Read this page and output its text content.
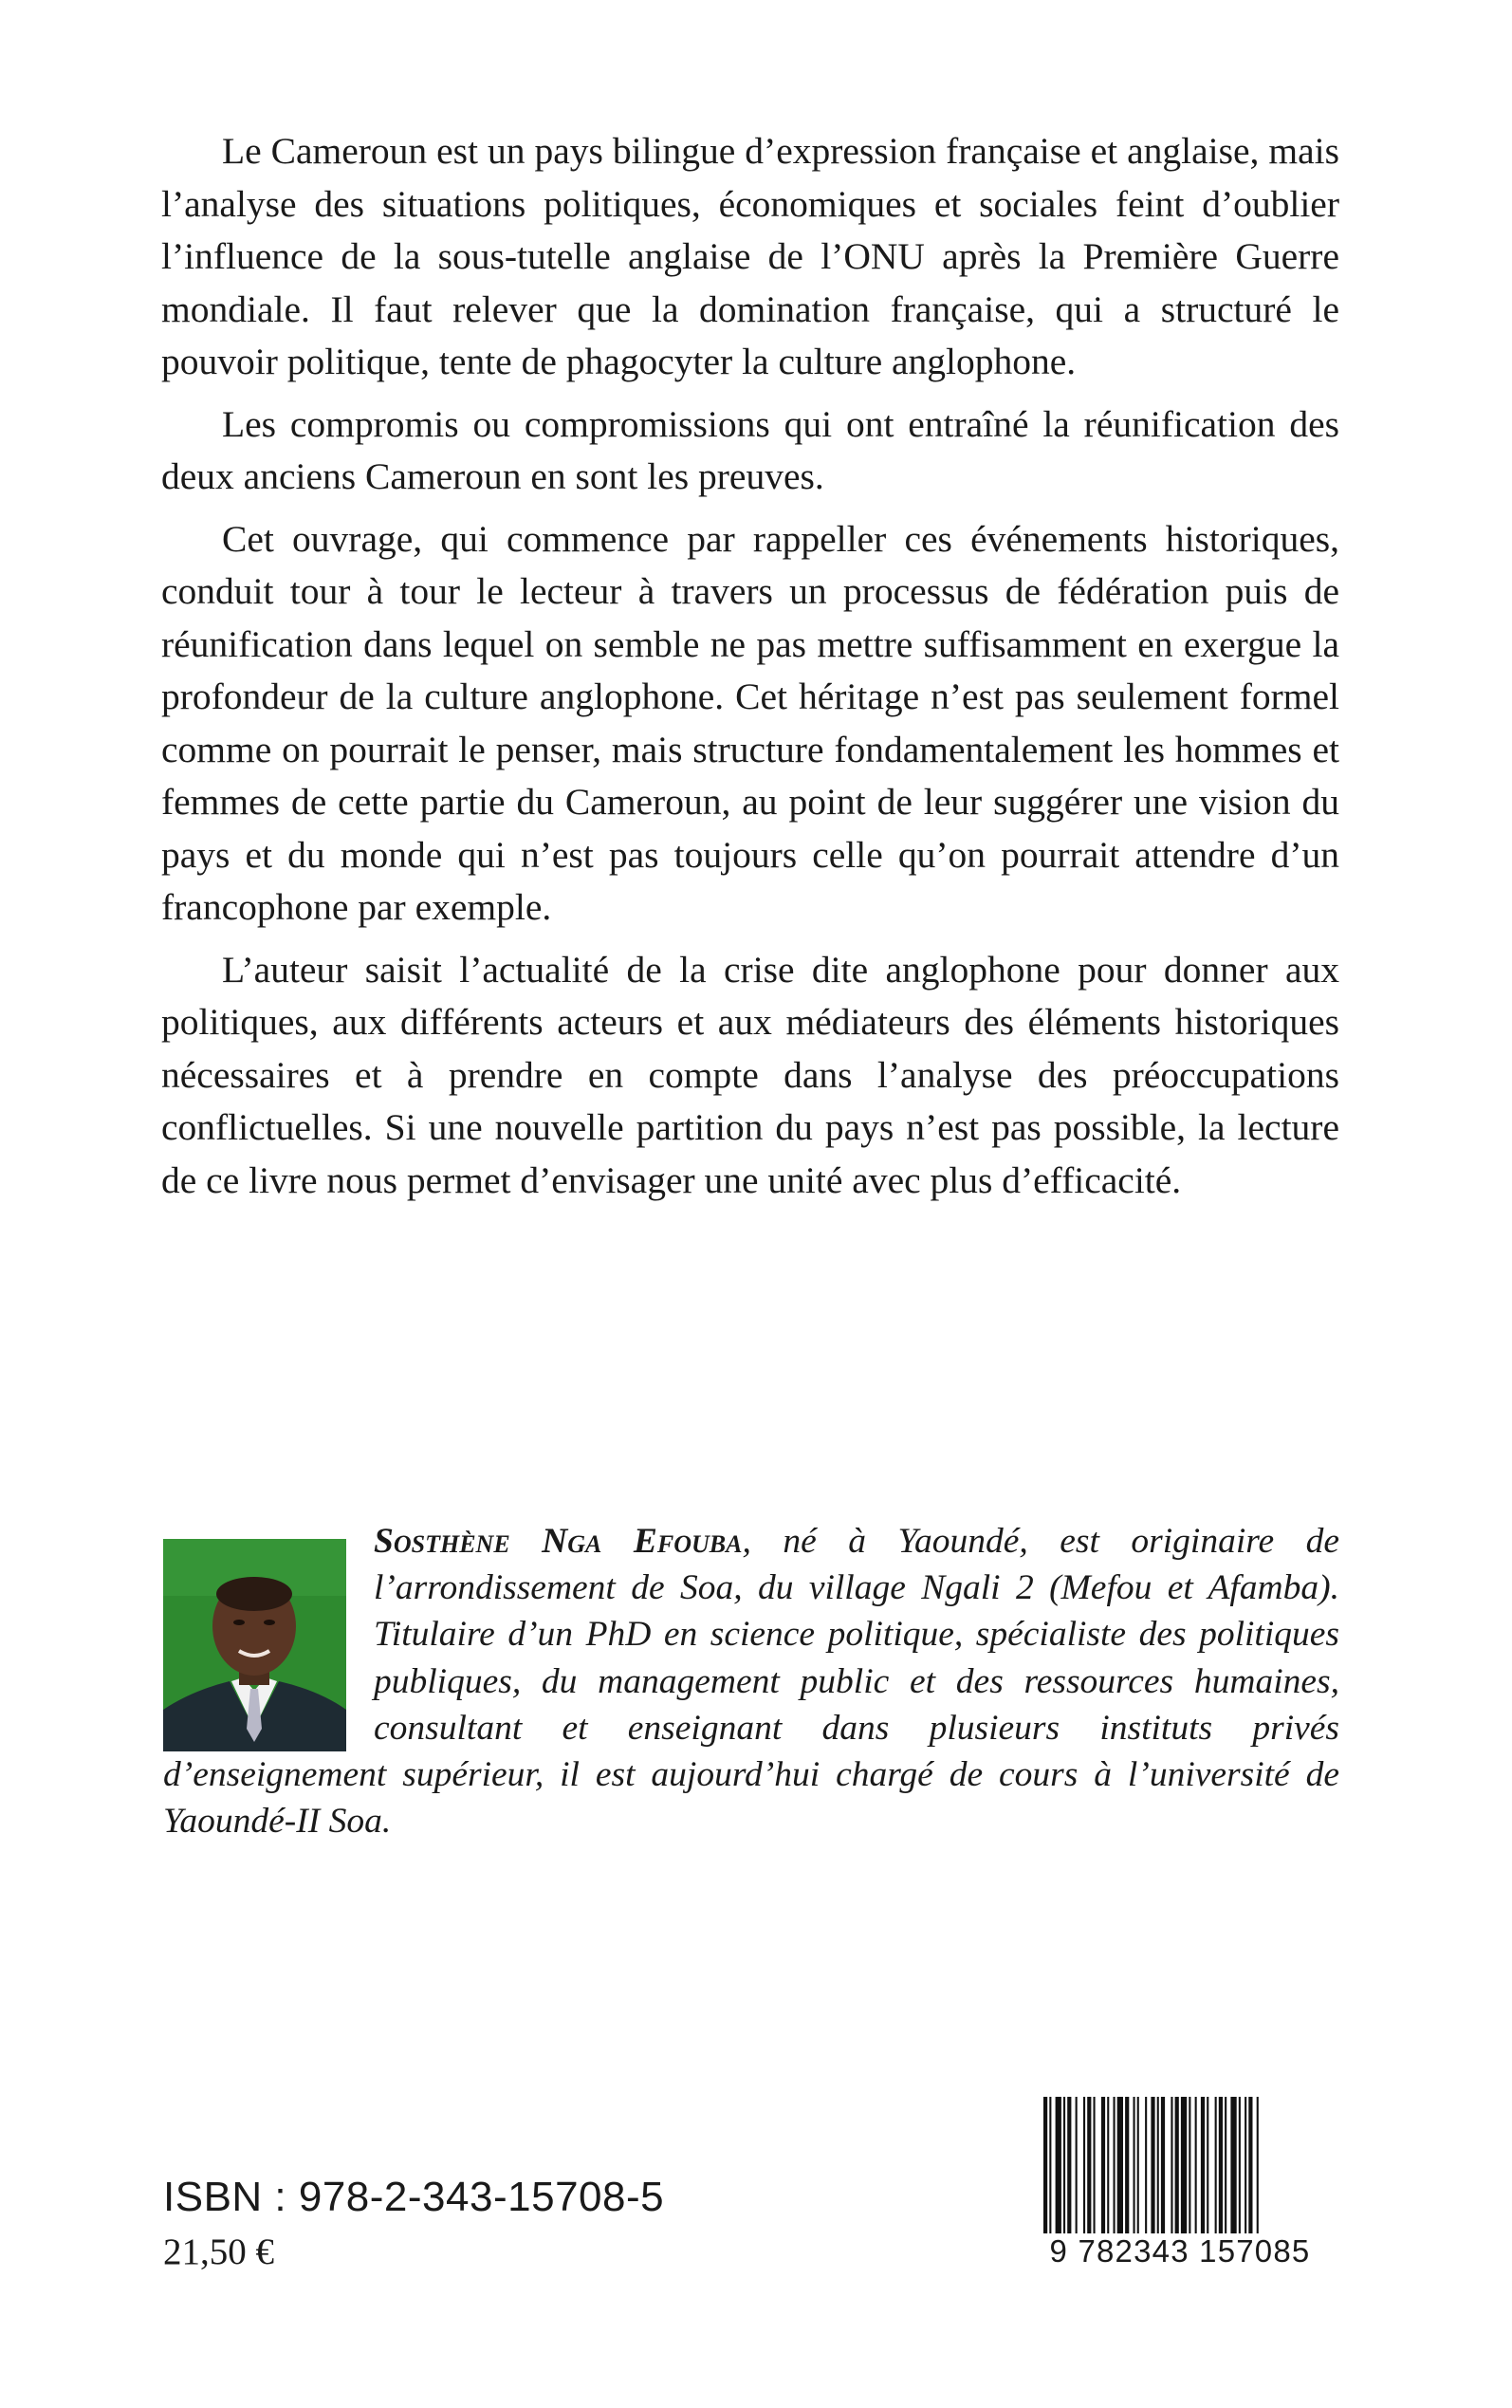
Le Cameroun est un pays bilingue d’expression française et anglaise, mais l’analyse des situations politiques, économiques et sociales feint d’oublier l’influence de la sous-tutelle anglaise de l’ONU après la Première Guerre mondiale. Il faut relever que la domination française, qui a structuré le pouvoir politique, tente de phagocyter la culture anglophone.

Les compromis ou compromissions qui ont entraîné la réunification des deux anciens Cameroun en sont les preuves.

Cet ouvrage, qui commence par rappeller ces événements historiques, conduit tour à tour le lecteur à travers un processus de fédération puis de réunification dans lequel on semble ne pas mettre suffisamment en exergue la profondeur de la culture anglophone. Cet héritage n’est pas seulement formel comme on pourrait le penser, mais structure fondamentalement les hommes et femmes de cette partie du Cameroun, au point de leur suggérer une vision du pays et du monde qui n’est pas toujours celle qu’on pourrait attendre d’un francophone par exemple.

L’auteur saisit l’actualité de la crise dite anglophone pour donner aux politiques, aux différents acteurs et aux médiateurs des éléments historiques nécessaires et à prendre en compte dans l’analyse des préoccupations conflictuelles. Si une nouvelle partition du pays n’est pas possible, la lecture de ce livre nous permet d’envisager une unité avec plus d’efficacité.

Sosthène Nga Efouba, né à Yaoundé, est originaire de l’arrondissement de Soa, du village Ngali 2 (Mefou et Afamba). Titulaire d’un PhD en science politique, spécialiste des politiques publiques, du management public et des ressources humaines, consultant et enseignant dans plusieurs instituts privés d’enseignement supérieur, il est aujourd’hui chargé de cours à l’université de Yaoundé-II Soa.
ISBN : 978-2-343-15708-5
21,50 €	9 782343 157085
